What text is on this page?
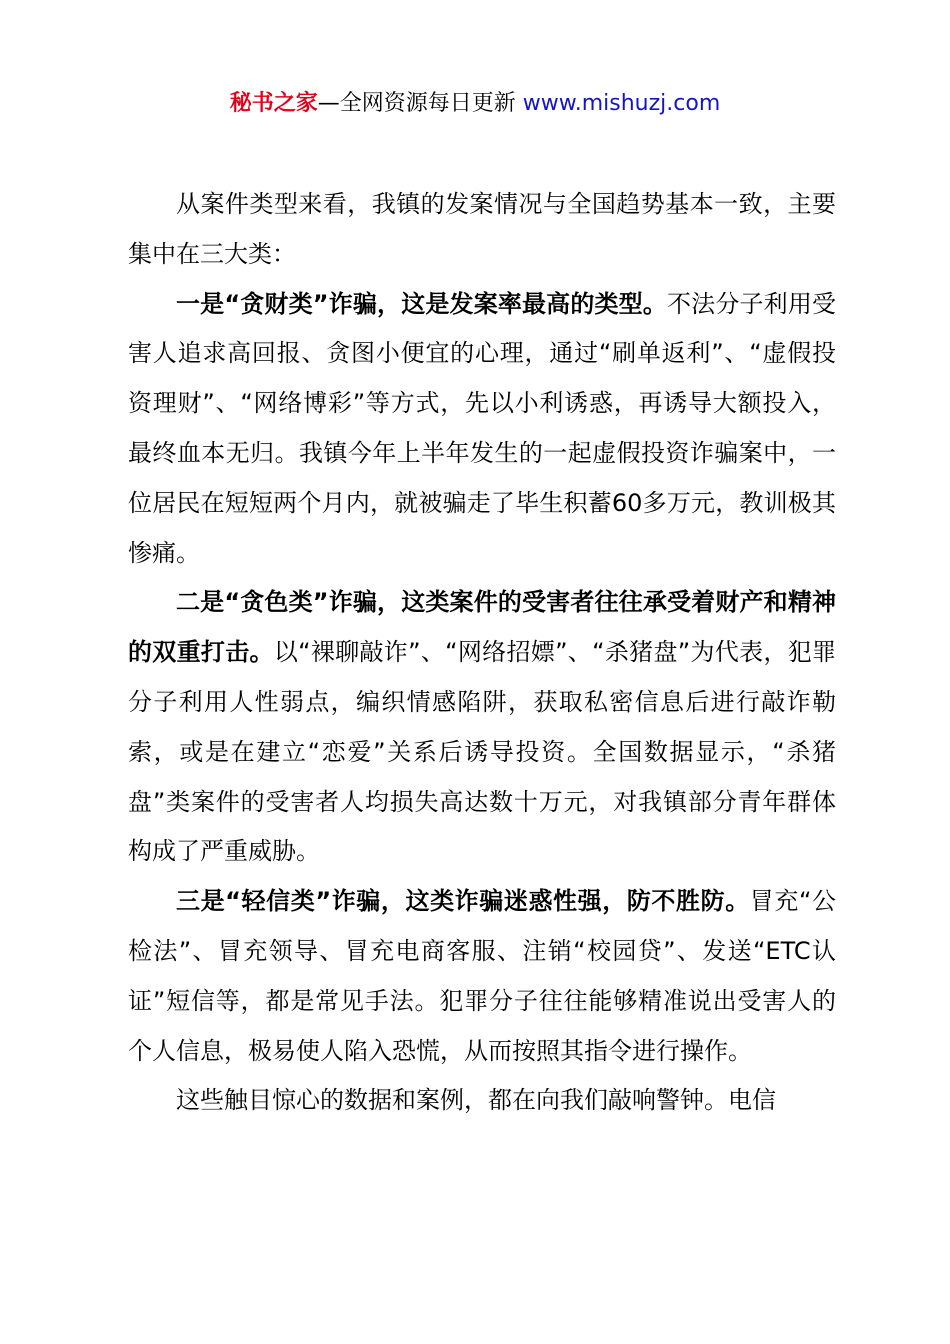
秘书之家—全网资源每日更新 www.mishuzj.com

从案件类型来看，我镇的发案情况与全国趋势基本一致，主要集中在三大类：

一是“贪财类”诈骗，这是发案率最高的类型。不法分子利用受害人追求高回报、贪图小便宜的心理，通过“刷单返利”、“虚假投资理财”、“网络博彩”等方式，先以小利诱惑，再诱导大额投入，最终血本无归。我镇今年上半年发生的一起虚假投资诈骗案中，一位居民在短短两个月内，就被骗走了毕生积蓄60多万元，教训极其惨痛。

二是“贪色类”诈骗，这类案件的受害者往往承受着财产和精神的双重打击。以“裸聊敲诈”、“网络招嫖”、“杀猪盘”为代表，犯罪分子利用人性弱点，编织情感陷阱，获取私密信息后进行敲诈勒索，或是在建立“恋爱”关系后诱导投资。全国数据显示，“杀猪盘”类案件的受害者人均损失高达数十万元，对我镇部分青年群体构成了严重威胁。

三是“轻信类”诈骗，这类诈骗迷惑性强，防不胜防。冒充“公检法”、冒充领导、冒充电商客服、注销“校园贷”、发送“ETC认证”短信等，都是常见手法。犯罪分子往往能够精准说出受害人的个人信息，极易使人陷入恐慌，从而按照其指令进行操作。

这些触目惊心的数据和案例，都在向我们敲响警钟。电信
